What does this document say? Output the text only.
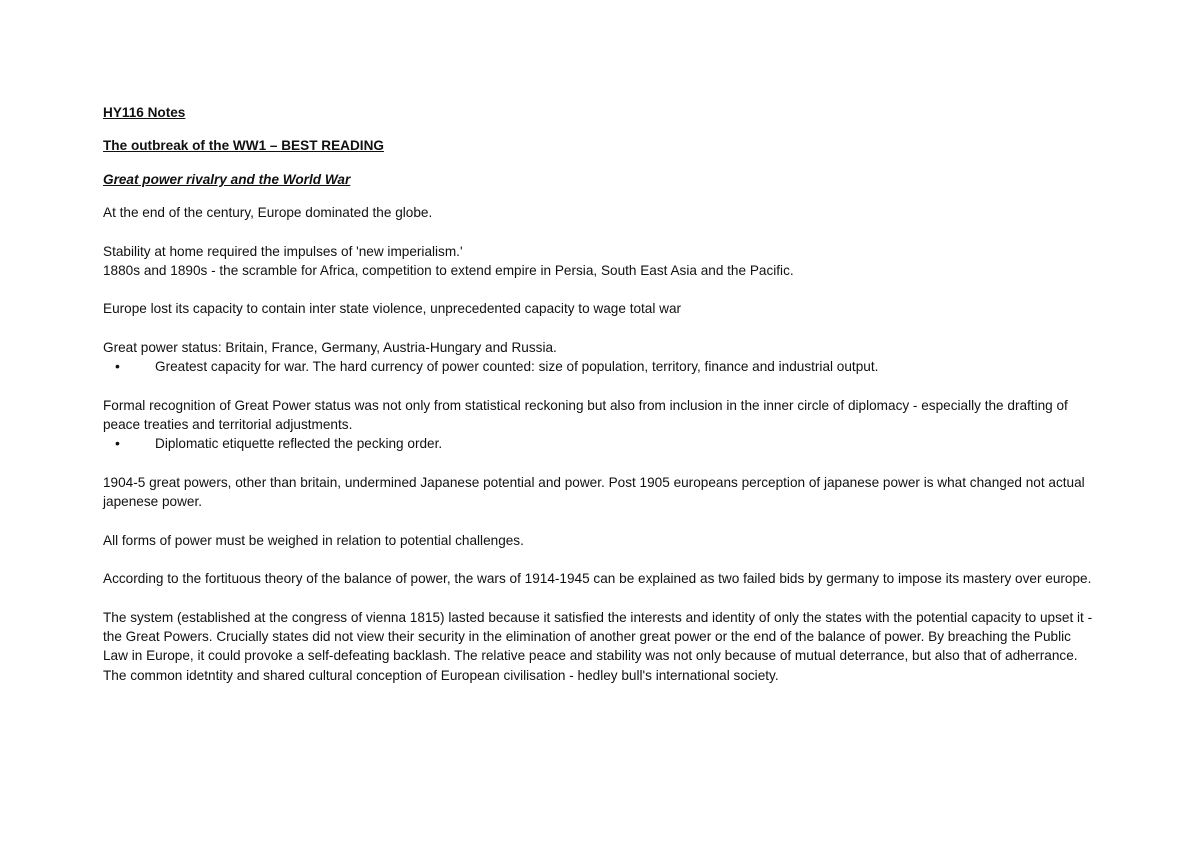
HY116 Notes
The outbreak of the WW1 – BEST READING
Great power rivalry and the World War

At the end of the century, Europe dominated the globe.

Stability at home required the impulses of 'new imperialism.'

1880s and 1890s - the scramble for Africa, competition to extend empire in Persia, South East Asia and the Pacific.

Europe lost its capacity to contain inter state violence, unprecedented capacity to wage total war

Great power status: Britain, France, Germany, Austria-Hungary and Russia.

•	Greatest capacity for war. The hard currency of power counted: size of population, territory, finance and industrial output.

Formal recognition of Great Power status was not only from statistical reckoning but also from inclusion in the inner circle of diplomacy - especially the drafting of peace treaties and territorial adjustments.

•	Diplomatic etiquette reflected the pecking order.

1904-5 great powers, other than britain, undermined Japanese potential and power. Post 1905 europeans perception of japanese power is what changed not actual japenese power.

All forms of power must be weighed in relation to potential challenges.

According to the fortituous theory of the balance of power, the wars of 1914-1945 can be explained as two failed bids by germany to impose its mastery over europe.

The system (established at the congress of vienna 1815) lasted because it satisfied the interests and identity of only the states with the potential capacity to upset it - the Great Powers. Crucially states did not view their security in the elimination of another great power or the end of the balance of power. By breaching the Public Law in Europe, it could provoke a self-defeating backlash. The relative peace and stability was not only because of mutual deterrance, but also that of adherrance. The common idetntity and shared cultural conception of European civilisation - hedley bull's international society.
